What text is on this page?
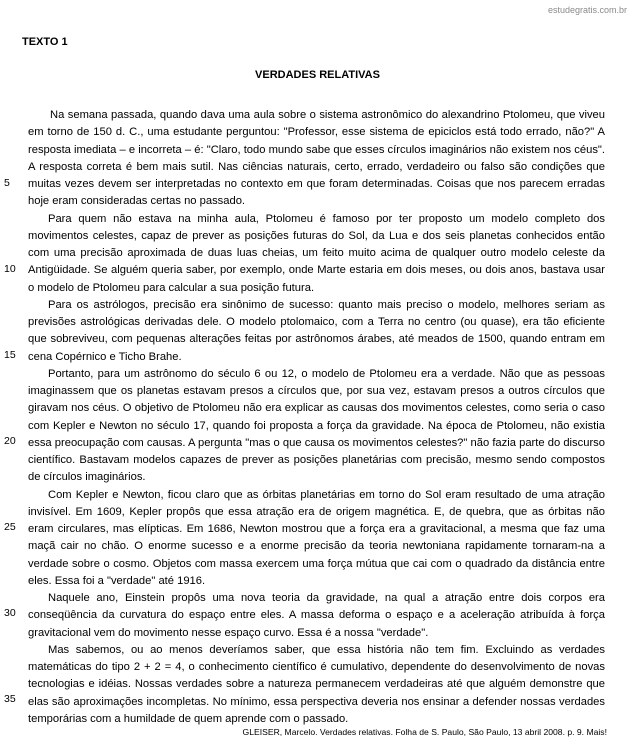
estudegratis.com.br
TEXTO 1
VERDADES RELATIVAS

Na semana passada, quando dava uma aula sobre o sistema astronômico do alexandrino Ptolomeu, que viveu em torno de 150 d. C., uma estudante perguntou: "Professor, esse sistema de epiciclos está todo errado, não?" A resposta imediata – e incorreta – é: "Claro, todo mundo sabe que esses círculos imaginários não existem nos céus". A resposta correta é bem mais sutil. Nas ciências naturais, certo, errado, verdadeiro ou falso são condições que muitas vezes devem ser interpretadas no contexto em que foram determinadas. Coisas que nos parecem erradas hoje eram consideradas certas no passado.

Para quem não estava na minha aula, Ptolomeu é famoso por ter proposto um modelo completo dos movimentos celestes, capaz de prever as posições futuras do Sol, da Lua e dos seis planetas conhecidos então com uma precisão aproximada de duas luas cheias, um feito muito acima de qualquer outro modelo celeste da Antigüidade. Se alguém queria saber, por exemplo, onde Marte estaria em dois meses, ou dois anos, bastava usar o modelo de Ptolomeu para calcular a sua posição futura.

Para os astrólogos, precisão era sinônimo de sucesso: quanto mais preciso o modelo, melhores seriam as previsões astrológicas derivadas dele. O modelo ptolomaico, com a Terra no centro (ou quase), era tão eficiente que sobreviveu, com pequenas alterações feitas por astrônomos árabes, até meados de 1500, quando entram em cena Copérnico e Ticho Brahe.

Portanto, para um astrônomo do século 6 ou 12, o modelo de Ptolomeu era a verdade. Não que as pessoas imaginassem que os planetas estavam presos a círculos que, por sua vez, estavam presos a outros círculos que giravam nos céus. O objetivo de Ptolomeu não era explicar as causas dos movimentos celestes, como seria o caso com Kepler e Newton no século 17, quando foi proposta a força da gravidade. Na época de Ptolomeu, não existia essa preocupação com causas. A pergunta "mas o que causa os movimentos celestes?" não fazia parte do discurso científico. Bastavam modelos capazes de prever as posições planetárias com precisão, mesmo sendo compostos de círculos imaginários.

Com Kepler e Newton, ficou claro que as órbitas planetárias em torno do Sol eram resultado de uma atração invisível. Em 1609, Kepler propôs que essa atração era de origem magnética. E, de quebra, que as órbitas não eram circulares, mas elípticas. Em 1686, Newton mostrou que a força era a gravitacional, a mesma que faz uma maçã cair no chão. O enorme sucesso e a enorme precisão da teoria newtoniana rapidamente tornaram-na a verdade sobre o cosmo. Objetos com massa exercem uma força mútua que cai com o quadrado da distância entre eles. Essa foi a "verdade" até 1916.

Naquele ano, Einstein propôs uma nova teoria da gravidade, na qual a atração entre dois corpos era conseqüência da curvatura do espaço entre eles. A massa deforma o espaço e a aceleração atribuída à força gravitacional vem do movimento nesse espaço curvo. Essa é a nossa "verdade".

Mas sabemos, ou ao menos deveríamos saber, que essa história não tem fim. Excluindo as verdades matemáticas do tipo 2 + 2 = 4, o conhecimento científico é cumulativo, dependente do desenvolvimento de novas tecnologias e idéias. Nossas verdades sobre a natureza permanecem verdadeiras até que alguém demonstre que elas são aproximações incompletas. No mínimo, essa perspectiva deveria nos ensinar a defender nossas verdades temporárias com a humildade de quem aprende com o passado.

5
10
15
20
25
30
35
GLEISER, Marcelo. Verdades relativas. Folha de S. Paulo, São Paulo, 13 abril 2008. p. 9. Mais!
